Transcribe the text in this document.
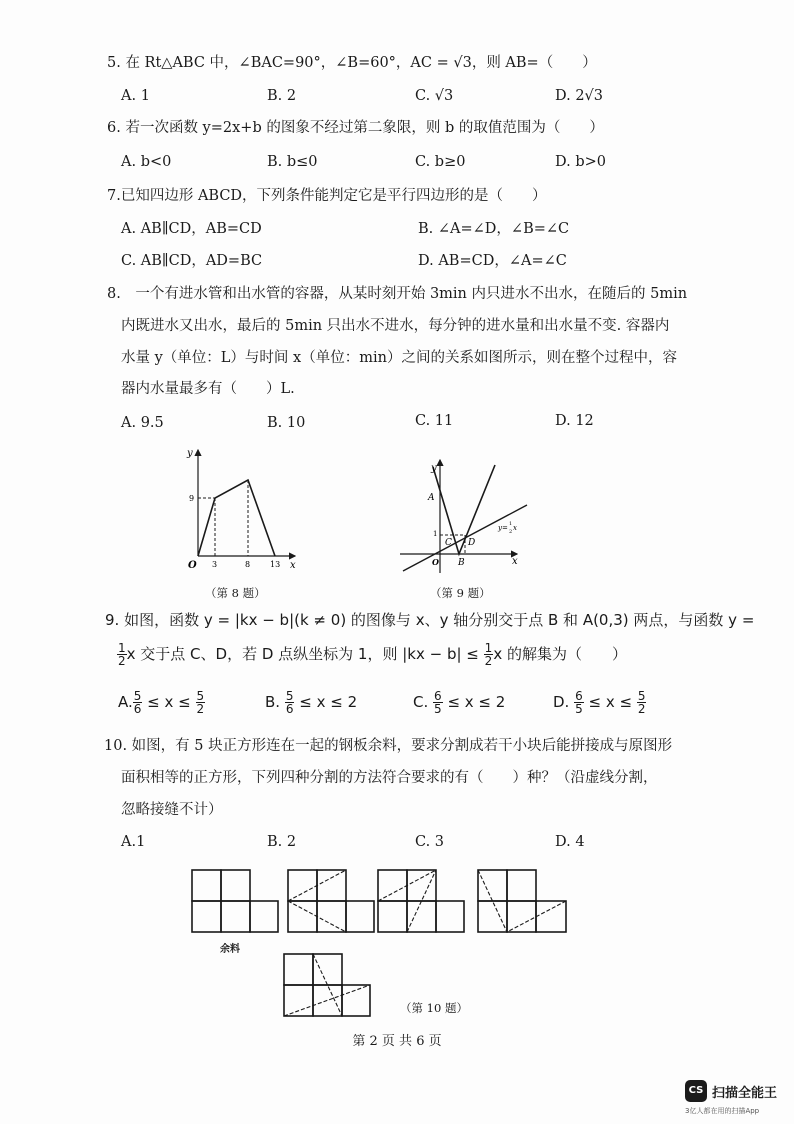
5. 在 Rt△ABC 中，∠BAC=90°，∠B=60°，AC = √3，则 AB=（　　）
A. 1	B. 2	C. √3	D. 2√3
6. 若一次函数 y=2x+b 的图象不经过第二象限，则 b 的取值范围为（　　）
A. b<0	B. b≤0	C. b≥0	D. b>0
7.已知四边形 ABCD，下列条件能判定它是平行四边形的是（　　）
A. AB∥CD，AB=CD	B. ∠A=∠D，∠B=∠C
C. AB∥CD，AD=BC	D. AB=CD，∠A=∠C
8.　一个有进水管和出水管的容器，从某时刻开始 3min 内只进水不出水，在随后的 5min
内既进水又出水，最后的 5min 只出水不进水，每分钟的进水量和出水量不变. 容器内
水量 y（单位：L）与时间 x（单位：min）之间的关系如图所示，则在整个过程中，容
器内水量最多有（　　）L.
A. 9.5	B. 10	C. 11	D. 12
x
y
O 3	8 13
9
（第 8 题）
A
B
C D
1
O	x
y
y= 1
2 x
（第 9 题）
9. 如图，函数 y = |kx − b|(k ≠ 0) 的图像与 x、y 轴分别交于点 B 和 A(0,3) 两点，与函数 y =
$\frac{1}{2}$ x 交于点 C、D，若 D 点纵坐标为 1，则 $|kx - b| \le \frac{1}{2}$ x 的解集为（　　）
A. $\frac{5}{6} \le x \le \frac{5}{2}$	B. $\frac{5}{6} \le x \le 2$	C. $\frac{6}{5} \le x \le 2$	D. $\frac{6}{5} \le x \le \frac{5}{2}$
10. 如图，有 5 块正方形连在一起的钢板余料，要求分割成若干小块后能拼接成与原图形
面积相等的正方形，下列四种分割的方法符合要求的有（　　）种？（沿虚线分割，
忽略接缝不计）
A.1	B. 2	C. 3	D. 4
余料
（第 10 题）
第 2 页 共 6 页
CS 扫描全能王
3亿人都在用的扫描App
